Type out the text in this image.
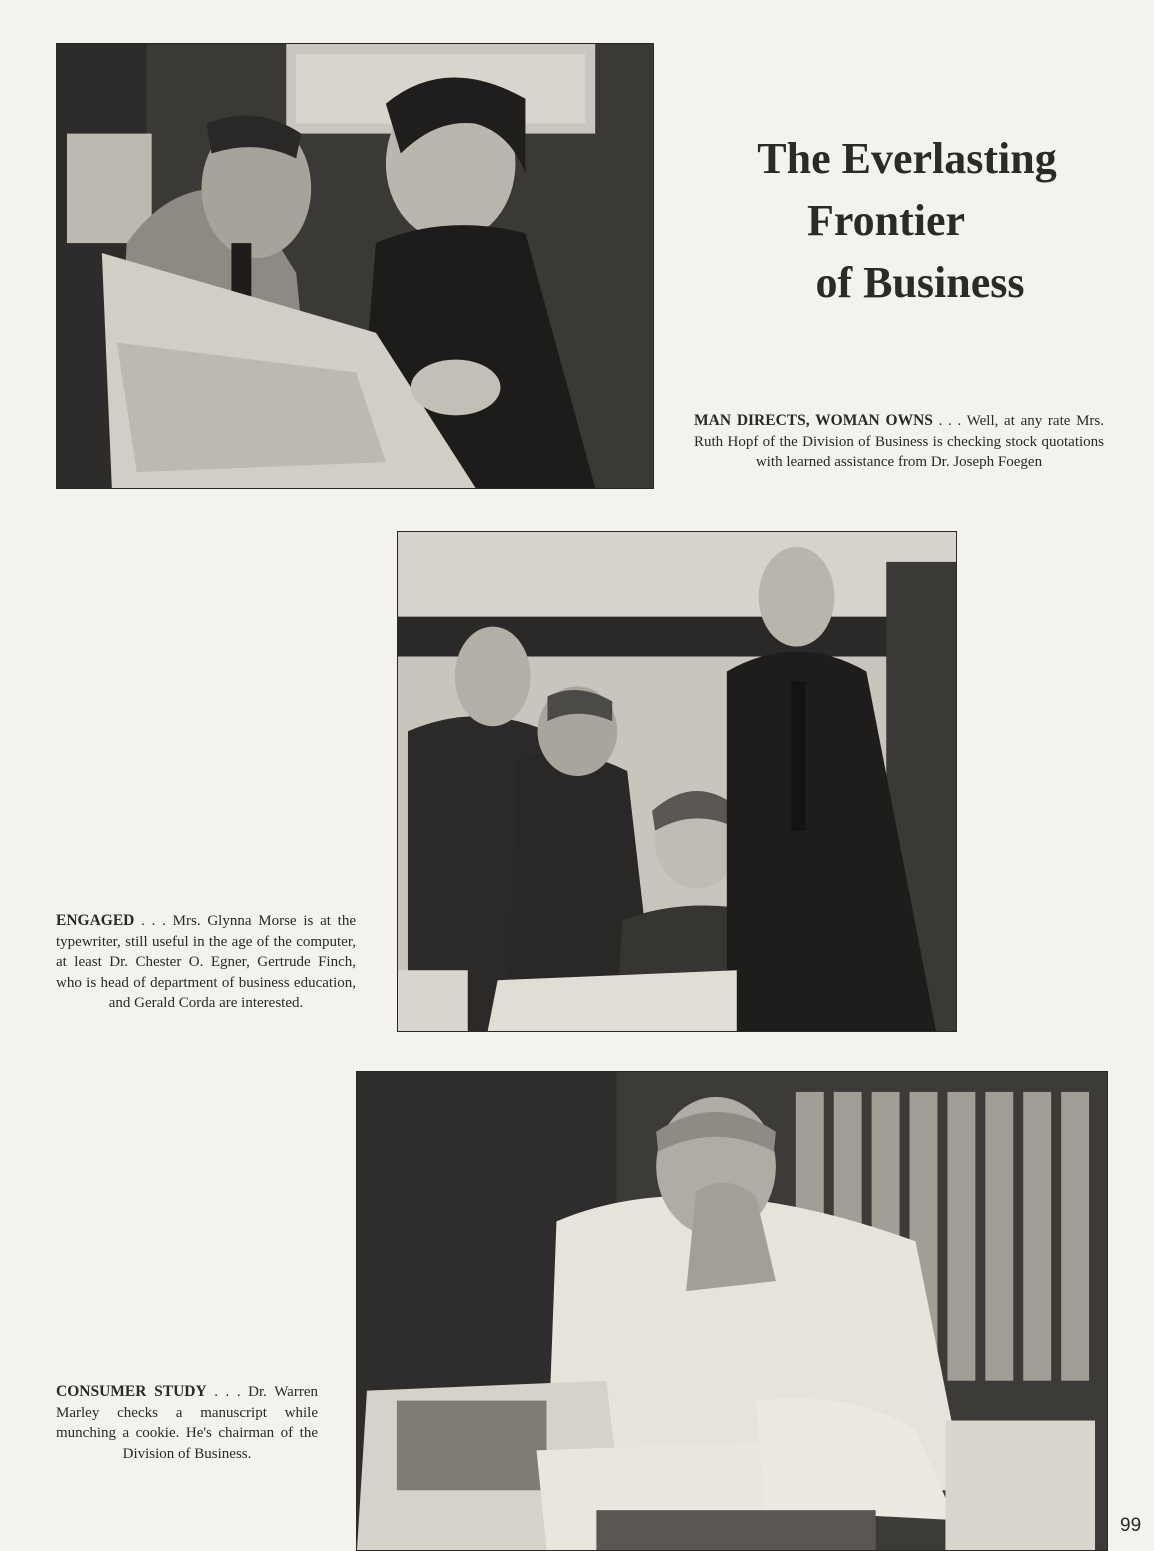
The Everlasting
Frontier
of Business

MAN DIRECTS, WOMAN OWNS . . . Well, at any rate Mrs. Ruth Hopf of the Division of Business is checking stock quotations with learned assistance from Dr. Joseph Foegen

ENGAGED . . . Mrs. Glynna Morse is at the typewriter, still useful in the age of the computer, at least Dr. Chester O. Egner, Gertrude Finch, who is head of department of business education, and Gerald Corda are interested.

CONSUMER STUDY . . . Dr. Warren Marley checks a manuscript while munching a cookie. He's chairman of the Division of Business.

99
